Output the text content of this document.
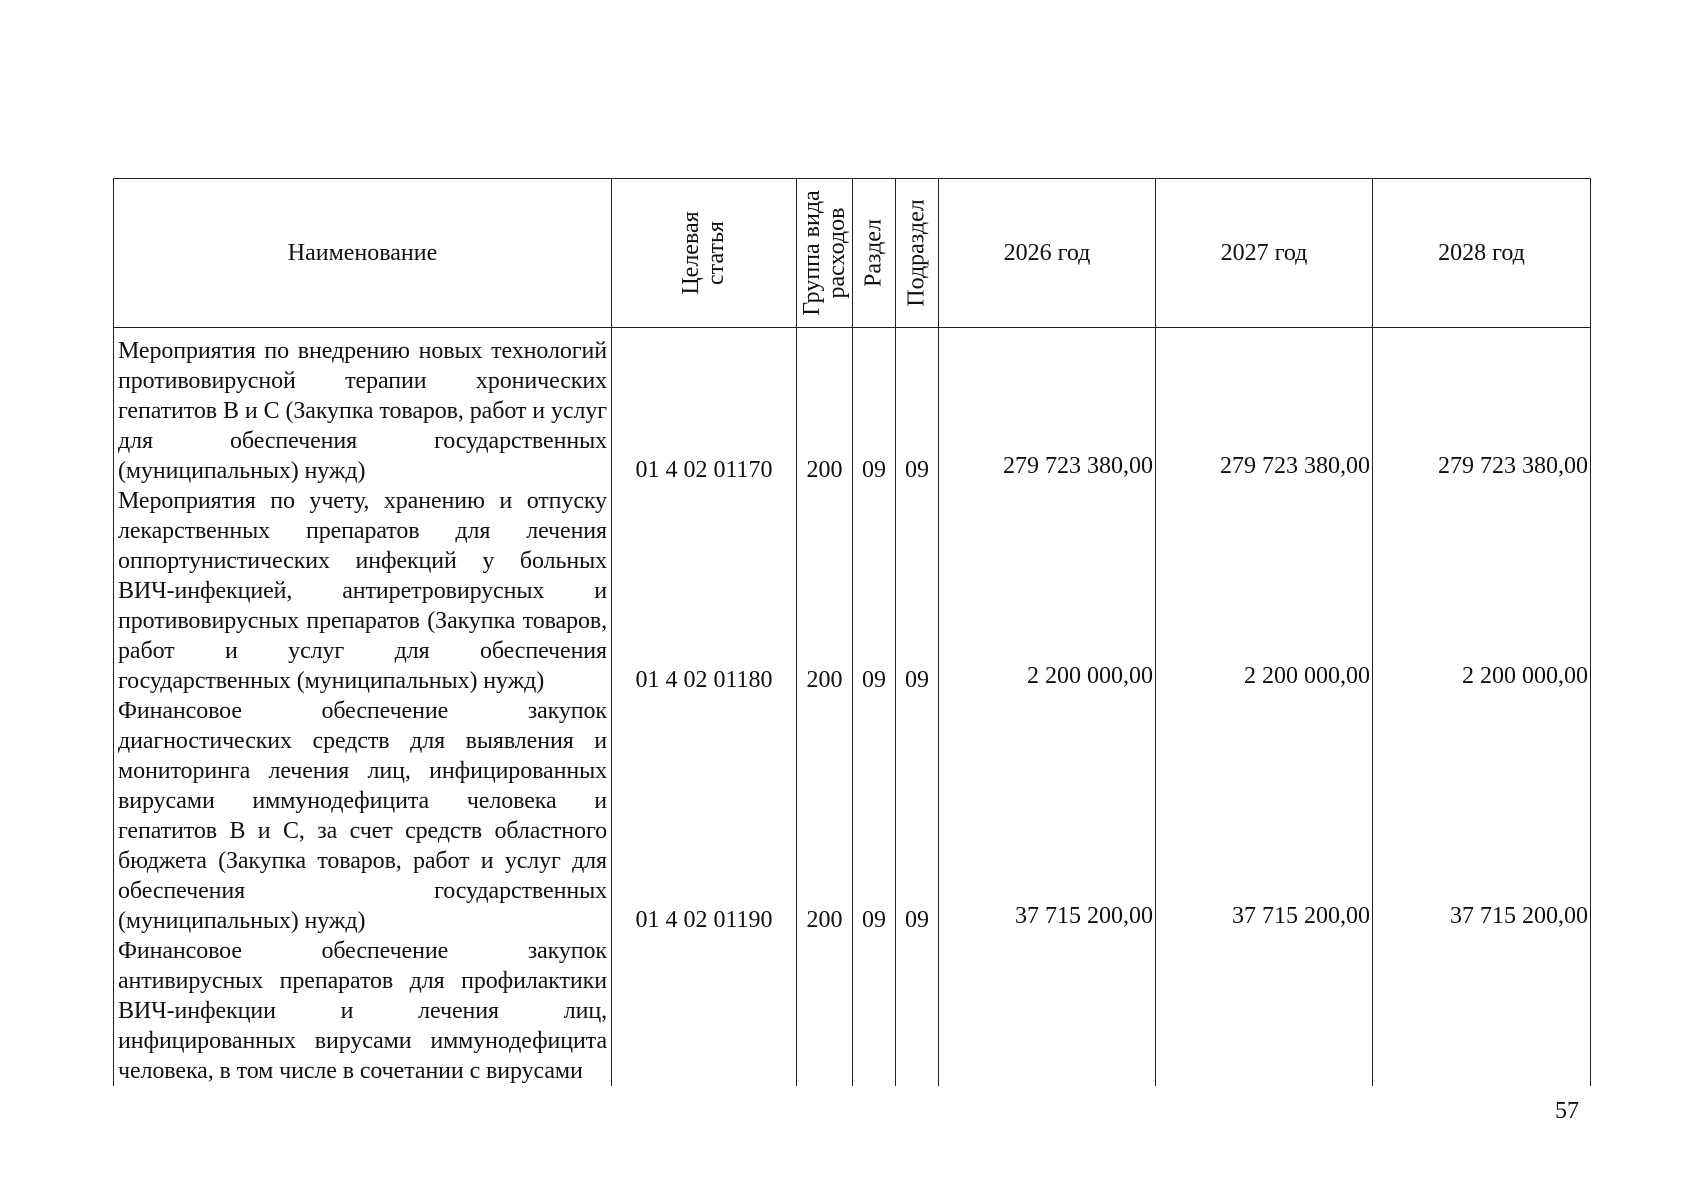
Наименование	Целевая статья	Группа вида расходов	Раздел	Подраздел	2026 год	2027 год	2028 год
Мероприятия по внедрению новых технологий противовирусной терапии хронических гепатитов B и C (Закупка товаров, работ и услуг для обеспечения государственных (муниципальных) нужд)	01 4 02 01170	200	09	09	279 723 380,00	279 723 380,00	279 723 380,00
Мероприятия по учету, хранению и отпуску лекарственных препаратов для лечения оппортунистических инфекций у больных ВИЧ-инфекцией, антиретровирусных и противовирусных препаратов (Закупка товаров, работ и услуг для обеспечения государственных (муниципальных) нужд)	01 4 02 01180	200	09	09	2 200 000,00	2 200 000,00	2 200 000,00
Финансовое обеспечение закупок диагностических средств для выявления и мониторинга лечения лиц, инфицированных вирусами иммунодефицита человека и гепатитов B и C, за счет средств областного бюджета (Закупка товаров, работ и услуг для обеспечения государственных (муниципальных) нужд)	01 4 02 01190	200	09	09	37 715 200,00	37 715 200,00	37 715 200,00
Финансовое обеспечение закупок антивирусных препаратов для профилактики ВИЧ-инфекции и лечения лиц, инфицированных вирусами иммунодефицита человека, в том числе в сочетании с вирусами							
57
